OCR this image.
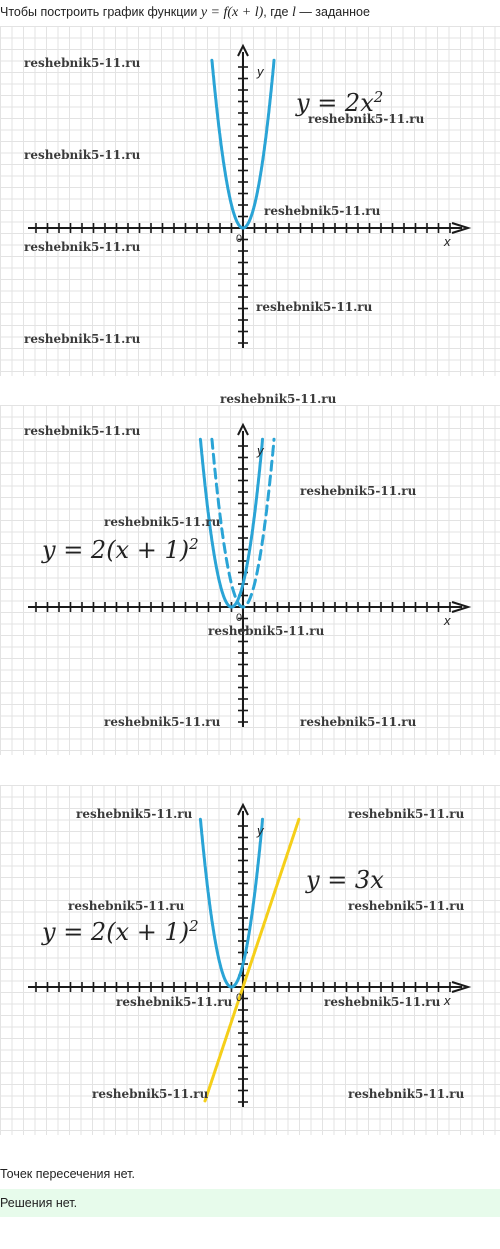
Чтобы построить график функции y = f(x + l), где l — заданное
y
x
0
$y = 2x^2$
reshebnik5-11.ru
reshebnik5-11.ru
reshebnik5-11.ru
reshebnik5-11.ru
reshebnik5-11.ru
reshebnik5-11.ru
reshebnik5-11.ru
reshebnik5-11.ru
y
x
0
$y = 2(x + 1)^2$
reshebnik5-11.ru
reshebnik5-11.ru
reshebnik5-11.ru
reshebnik5-11.ru
reshebnik5-11.ru	reshebnik5-11.ru
y
x
0
y = 3x
$y = 2(x + 1)^2$
reshebnik5-11.ru	reshebnik5-11.ru
reshebnik5-11.ru	reshebnik5-11.ru
reshebnik5-11.ru	reshebnik5-11.ru
reshebnik5-11.ru	reshebnik5-11.ru
Точек пересечения нет.
Решения нет.
